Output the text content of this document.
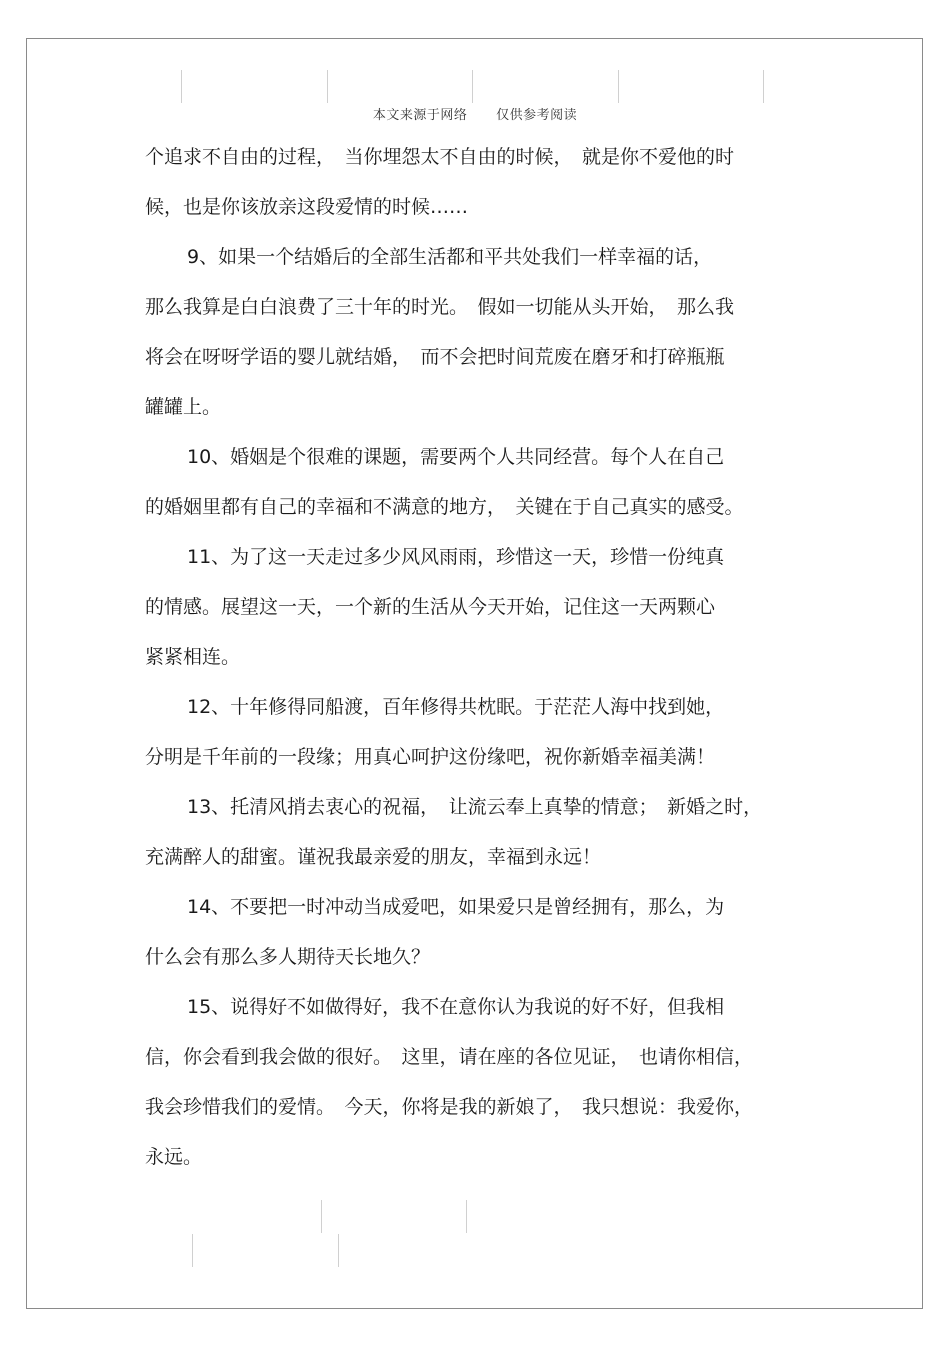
本文来源于网络 仅供参考阅读
个追求不自由的过程，　当你埋怨太不自由的时候，　就是你不爱他的时
候，也是你该放亲这段爱情的时候……
9、如果一个结婚后的全部生活都和平共处我们一样幸福的话，
那么我算是白白浪费了三十年的时光。　假如一切能从头开始，　那么我
将会在呀呀学语的婴儿就结婚，　而不会把时间荒废在磨牙和打碎瓶瓶
罐罐上。
10、婚姻是个很难的课题，需要两个人共同经营。每个人在自己
的婚姻里都有自己的幸福和不满意的地方，　关键在于自己真实的感受。
11、为了这一天走过多少风风雨雨，珍惜这一天，珍惜一份纯真
的情感。展望这一天，一个新的生活从今天开始，记住这一天两颗心
紧紧相连。
12、十年修得同船渡，百年修得共枕眠。于茫茫人海中找到她，
分明是千年前的一段缘；用真心呵护这份缘吧，祝你新婚幸福美满！
13、托清风捎去衷心的祝福，　让流云奉上真挚的情意；　新婚之时，
充满醉人的甜蜜。谨祝我最亲爱的朋友，幸福到永远！
14、不要把一时冲动当成爱吧，如果爱只是曾经拥有，那么，为
什么会有那么多人期待天长地久？
15、说得好不如做得好，我不在意你认为我说的好不好，但我相
信，你会看到我会做的很好。　这里，请在座的各位见证，　也请你相信，
我会珍惜我们的爱情。　今天，你将是我的新娘了，　我只想说：我爱你，
永远。
